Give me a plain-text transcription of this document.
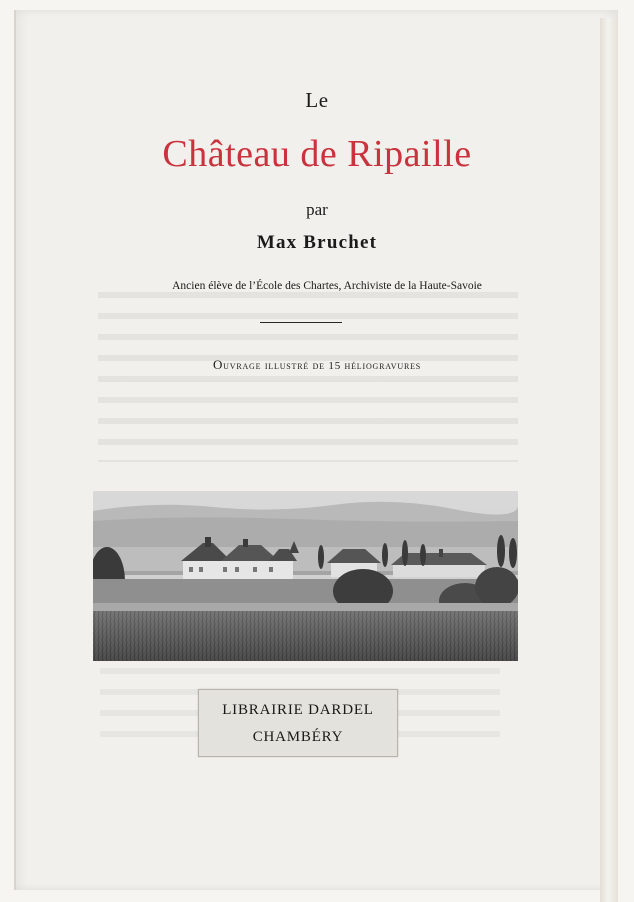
Le
Château de Ripaille
par
Max Bruchet
Ancien élève de l’École des Chartes, Archiviste de la Haute-Savoie
Ouvrage illustré de 15 héliogravures
LIBRAIRIE DARDEL
CHAMBÉRY
